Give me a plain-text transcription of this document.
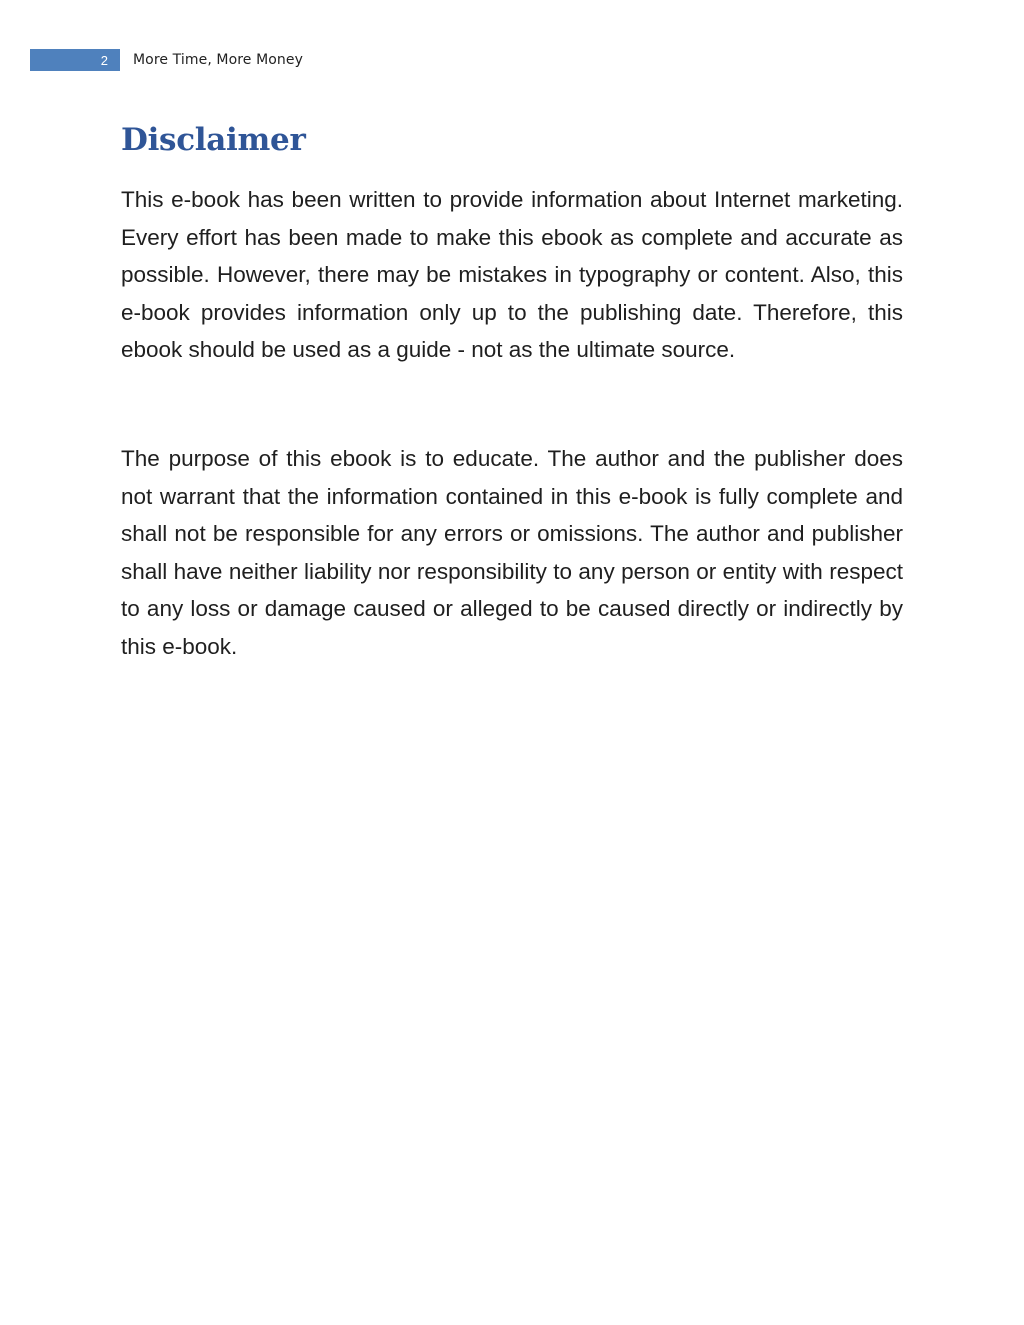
2 More Time, More Money
Disclaimer

This e-book has been written to provide information about Internet marketing. Every effort has been made to make this ebook as complete and accurate as possible. However, there may be mistakes in typography or content. Also, this e-book provides information only up to the publishing date. Therefore, this ebook should be used as a guide - not as the ultimate source.

The purpose of this ebook is to educate. The author and the publisher does not warrant that the information contained in this e-book is fully complete and shall not be responsible for any errors or omissions. The author and publisher shall have neither liability nor responsibility to any person or entity with respect to any loss or damage caused or alleged to be caused directly or indirectly by this e-book.
